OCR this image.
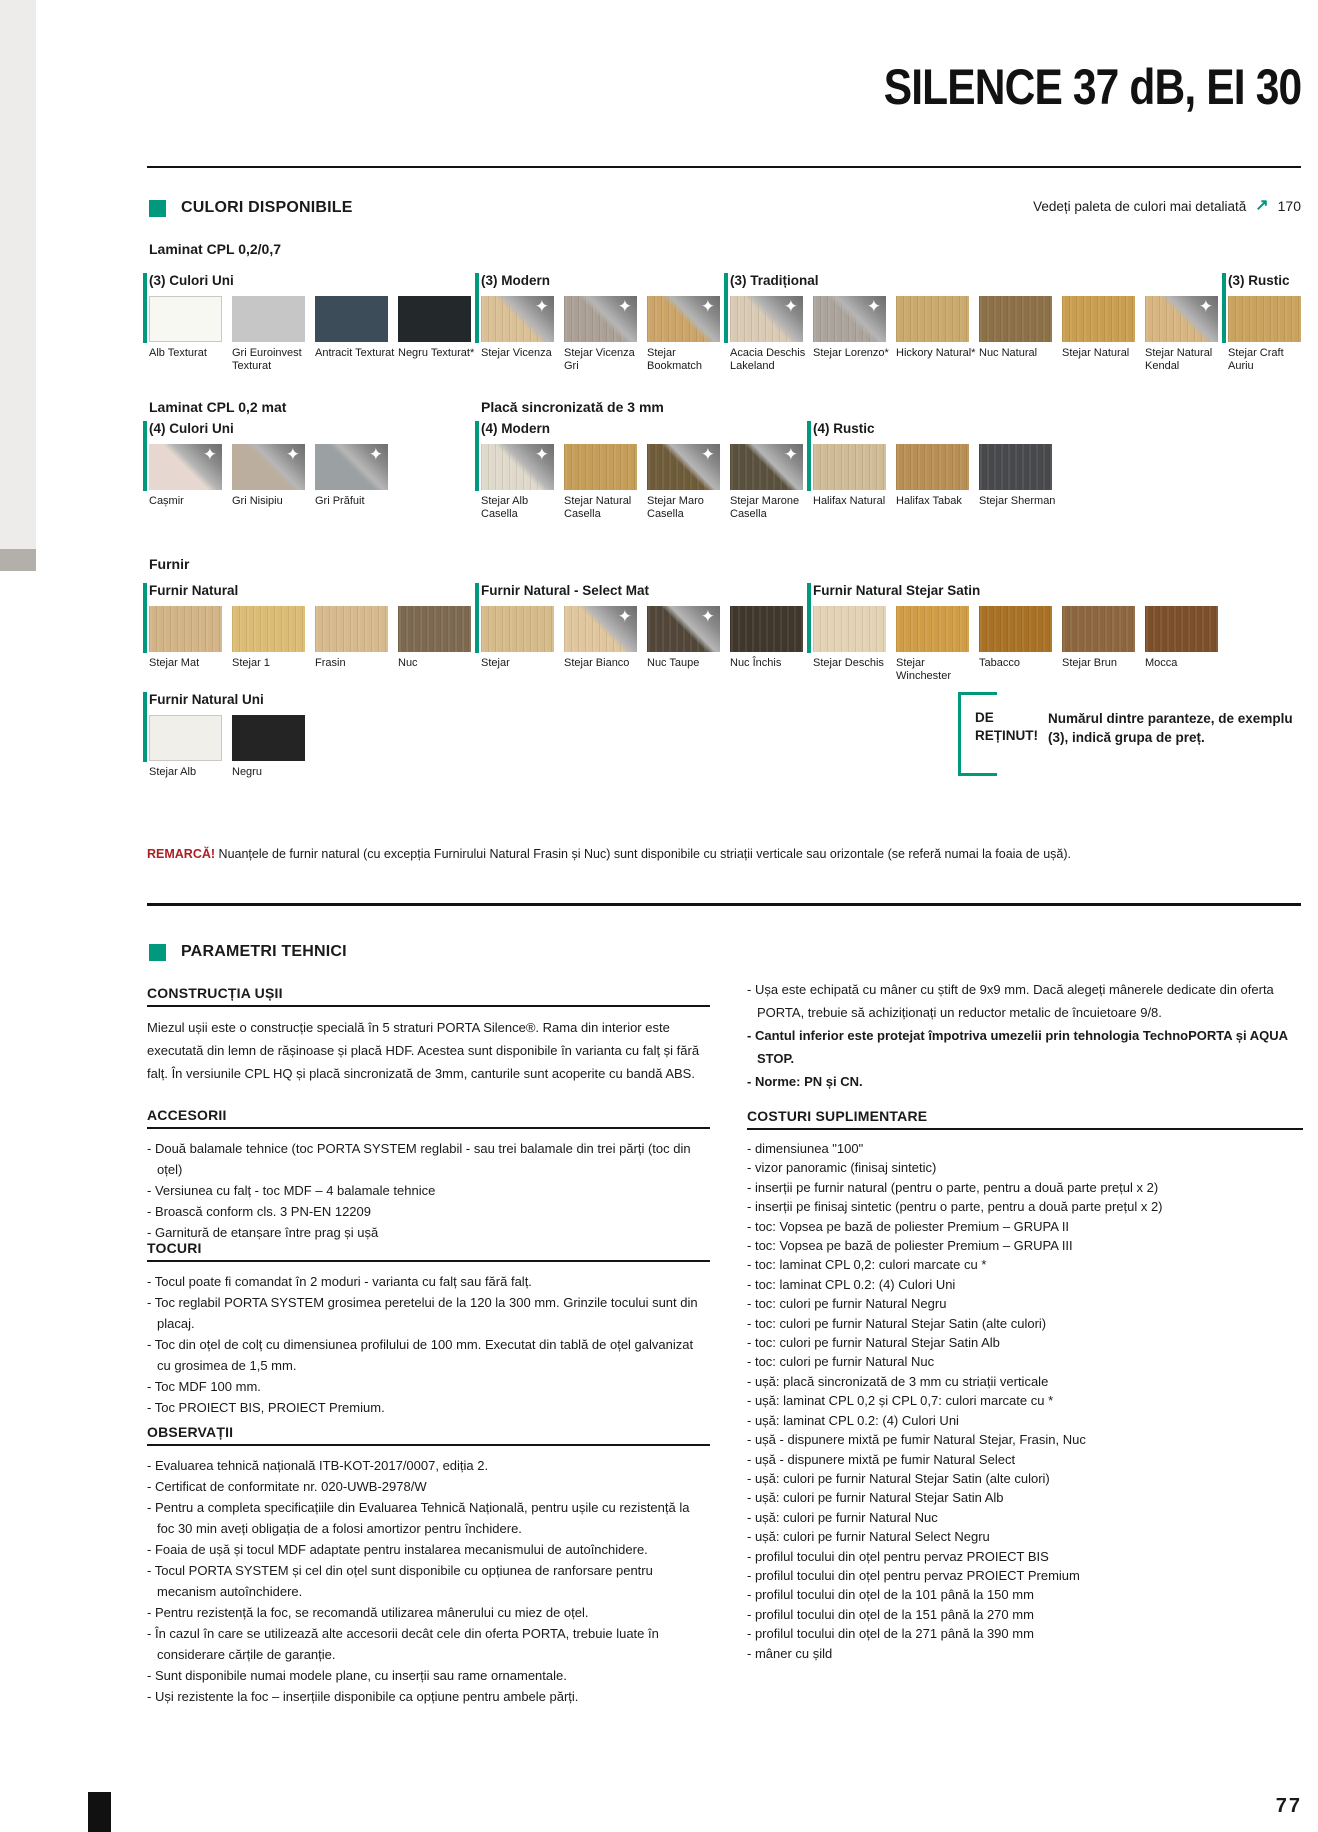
SILENCE 37 dB, EI 30
CULORI DISPONIBILE	Vedeți paleta de culori mai detaliată ↗ 170
Laminat CPL 0,2/0,7
(3) Culori Uni
Alb Texturat	Gri Euroinvest Texturat
Antracit Texturat Negru Texturat*
(3) Modern
✦
Stejar Vicenza
✦	Stejar Vicenza Gri
✦
Stejar Bookmatch
(3) Tradițional
✦
Acacia Deschis Lakeland
✦
Stejar Lorenzo* Hickory Natural* Nuc Natural	Stejar Natural
✦	Stejar Natural Kendal
(3) Rustic
Stejar Craft Auriu
Laminat CPL 0,2 mat	Placă sincronizată de 3 mm
(4) Culori Uni
✦
Cașmir
✦	Gri Nisipiu
✦	Gri Prăfuit
(4) Modern
✦
Stejar Alb Casella
Stejar Natural Casella
✦
Stejar Maro Casella
✦
Stejar Marone Casella
(4) Rustic
Halifax Natural Halifax Tabak	Stejar Sherman
Furnir
Furnir Natural
Stejar Mat	Stejar 1	Frasin	Nuc
Furnir Natural - Select Mat
Stejar
✦	Stejar Bianco
✦	Nuc Taupe	Nuc Închis
Furnir Natural Stejar Satin
Stejar Deschis	Stejar Winchester
Tabacco	Stejar Brun	Mocca
Furnir Natural Uni
Stejar Alb	Negru
DE
REȚINUT!
Numărul dintre paranteze, de exemplu (3), indică grupa de preț.
REMARCĂ! Nuanțele de furnir natural (cu excepția Furnirului Natural Frasin și Nuc) sunt disponibile cu striații verticale sau orizontale (se referă numai la foaia de ușă).
PARAMETRI TEHNICI
CONSTRUCȚIA UȘII
Miezul ușii este o construcție specială în 5 straturi PORTA Silence®. Rama din interior este executată din lemn de rășinoase și placă HDF. Acestea sunt disponibile în varianta cu falț și fără falț. În versiunile CPL HQ și placă sincronizată de 3mm, canturile sunt acoperite cu bandă ABS.
ACCESORII
- Două balamale tehnice (toc PORTA SYSTEM reglabil - sau trei balamale din trei părți (toc din oțel)
- Versiunea cu falț - toc MDF – 4 balamale tehnice
- Broască conform cls. 3 PN-EN 12209
- Garnitură de etanșare între prag și ușă
TOCURI
- Tocul poate fi comandat în 2 moduri - varianta cu falț sau fără falț.
- Toc reglabil PORTA SYSTEM grosimea peretelui de la 120 la 300 mm. Grinzile tocului sunt din placaj.
- Toc din oțel de colț cu dimensiunea profilului de 100 mm. Executat din tablă de oțel galvanizat cu grosimea de 1,5 mm.
- Toc MDF 100 mm.
- Toc PROIECT BIS, PROIECT Premium.
OBSERVAȚII
- Evaluarea tehnică națională ITB-KOT-2017/0007, ediția 2.
- Certificat de conformitate nr. 020-UWB-2978/W
- Pentru a completa specificațiile din Evaluarea Tehnică Națională, pentru ușile cu rezistență la foc 30 min aveți obligația de a folosi amortizor pentru închidere.
- Foaia de ușă și tocul MDF adaptate pentru instalarea mecanismului de autoînchidere.
- Tocul PORTA SYSTEM și cel din oțel sunt disponibile cu opțiunea de ranforsare pentru mecanism autoînchidere.
- Pentru rezistență la foc, se recomandă utilizarea mânerului cu miez de oțel.
- În cazul în care se utilizează alte accesorii decât cele din oferta PORTA, trebuie luate în considerare cărțile de garanție.
- Sunt disponibile numai modele plane, cu inserții sau rame ornamentale.
- Uși rezistente la foc – inserțiile disponibile ca opțiune pentru ambele părți.
- Ușa este echipată cu mâner cu știft de 9x9 mm. Dacă alegeți mânerele dedicate din oferta PORTA, trebuie să achiziționați un reductor metalic de încuietoare 9/8.
- Cantul inferior este protejat împotriva umezelii prin tehnologia TechnoPORTA și AQUA STOP.
- Norme: PN și CN.
COSTURI SUPLIMENTARE
- dimensiunea "100"
- vizor panoramic (finisaj sintetic)
- inserții pe furnir natural (pentru o parte, pentru a două parte prețul x 2)
- inserții pe finisaj sintetic (pentru o parte, pentru a două parte prețul x 2)
- toc: Vopsea pe bază de poliester Premium – GRUPA II
- toc: Vopsea pe bază de poliester Premium – GRUPA III
- toc: laminat CPL 0,2: culori marcate cu *
- toc: laminat CPL 0.2: (4) Culori Uni
- toc: culori pe furnir Natural Negru
- toc: culori pe furnir Natural Stejar Satin (alte culori)
- toc: culori pe furnir Natural Stejar Satin Alb
- toc: culori pe furnir Natural Nuc
- ușă: placă sincronizată de 3 mm cu striații verticale
- ușă: laminat CPL 0,2 și CPL 0,7: culori marcate cu *
- ușă: laminat CPL 0.2: (4) Culori Uni
- ușă - dispunere mixtă pe fumir Natural Stejar, Frasin, Nuc
- ușă - dispunere mixtă pe fumir Natural Select
- ușă: culori pe furnir Natural Stejar Satin (alte culori)
- ușă: culori pe furnir Natural Stejar Satin Alb
- ușă: culori pe furnir Natural Nuc
- ușă: culori pe furnir Natural Select Negru
- profilul tocului din oțel pentru pervaz PROIECT BIS
- profilul tocului din oțel pentru pervaz PROIECT Premium
- profilul tocului din oțel de la 101 până la 150 mm
- profilul tocului din oțel de la 151 până la 270 mm
- profilul tocului din oțel de la 271 până la 390 mm
- mâner cu șild
77
